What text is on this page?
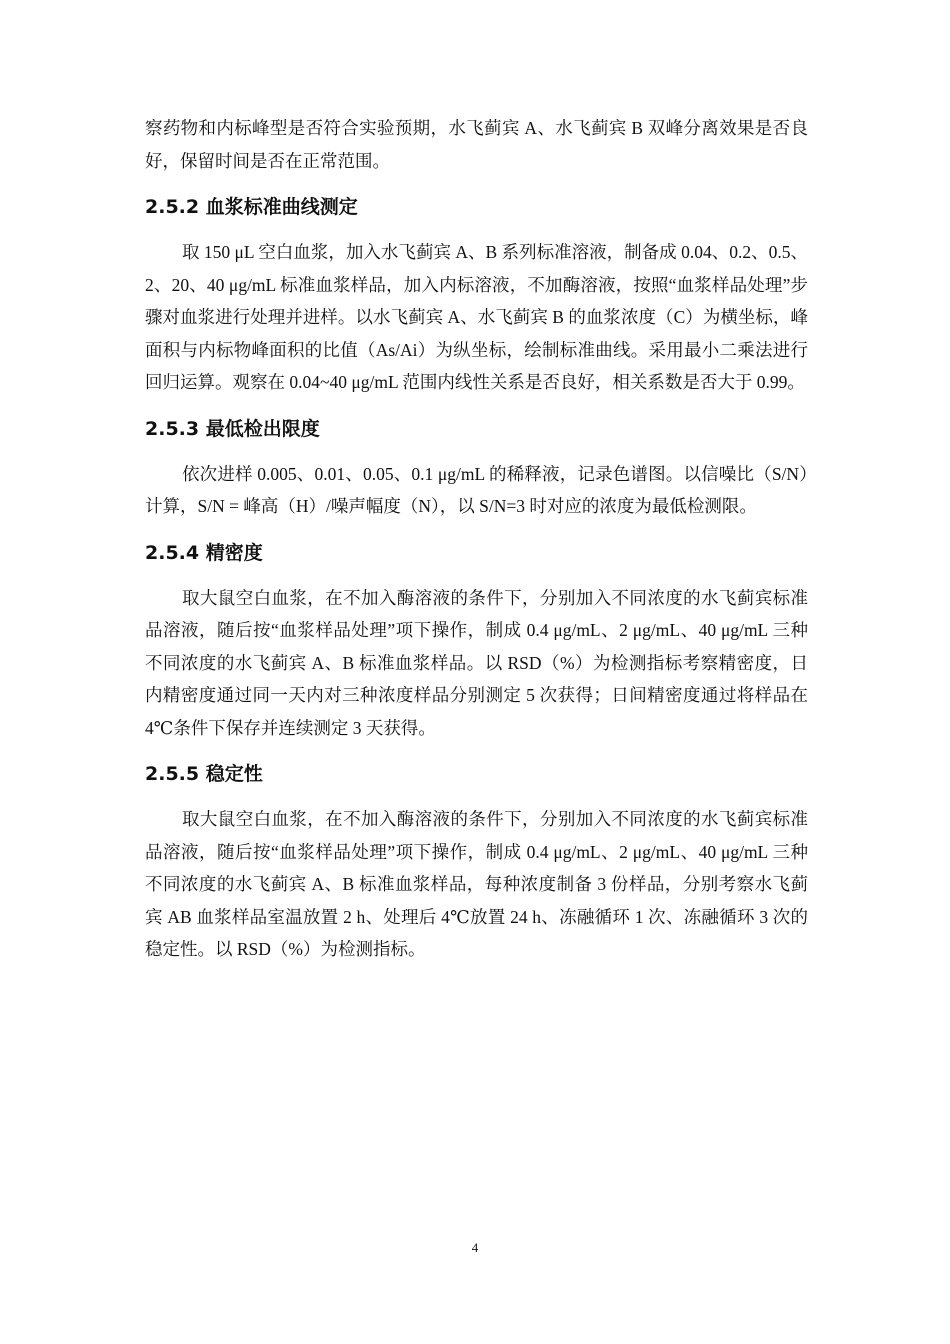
察药物和内标峰型是否符合实验预期，水飞蓟宾 A、水飞蓟宾 B 双峰分离效果是否良好，保留时间是否在正常范围。

2.5.2 血浆标准曲线测定

取 150 μL 空白血浆，加入水飞蓟宾 A、B 系列标准溶液，制备成 0.04、0.2、0.5、2、20、40 μg/mL 标准血浆样品，加入内标溶液，不加酶溶液，按照“血浆样品处理”步骤对血浆进行处理并进样。以水飞蓟宾 A、水飞蓟宾 B 的血浆浓度（C）为横坐标，峰面积与内标物峰面积的比值（As/Ai）为纵坐标，绘制标准曲线。采用最小二乘法进行回归运算。观察在 0.04~40 μg/mL 范围内线性关系是否良好，相关系数是否大于 0.99。

2.5.3 最低检出限度

依次进样 0.005、0.01、0.05、0.1 μg/mL 的稀释液，记录色谱图。以信噪比（S/N）计算，S/N = 峰高（H）/噪声幅度（N），以 S/N=3 时对应的浓度为最低检测限。

2.5.4 精密度

取大鼠空白血浆，在不加入酶溶液的条件下，分别加入不同浓度的水飞蓟宾标准品溶液，随后按“血浆样品处理”项下操作，制成 0.4 μg/mL、2 μg/mL、40 μg/mL 三种不同浓度的水飞蓟宾 A、B 标准血浆样品。以 RSD（%）为检测指标考察精密度，日内精密度通过同一天内对三种浓度样品分别测定 5 次获得；日间精密度通过将样品在 4℃条件下保存并连续测定 3 天获得。

2.5.5 稳定性

取大鼠空白血浆，在不加入酶溶液的条件下，分别加入不同浓度的水飞蓟宾标准品溶液，随后按“血浆样品处理”项下操作，制成 0.4 μg/mL、2 μg/mL、40 μg/mL 三种不同浓度的水飞蓟宾 A、B 标准血浆样品，每种浓度制备 3 份样品，分别考察水飞蓟宾 AB 血浆样品室温放置 2 h、处理后 4℃放置 24 h、冻融循环 1 次、冻融循环 3 次的稳定性。以 RSD（%）为检测指标。

4
